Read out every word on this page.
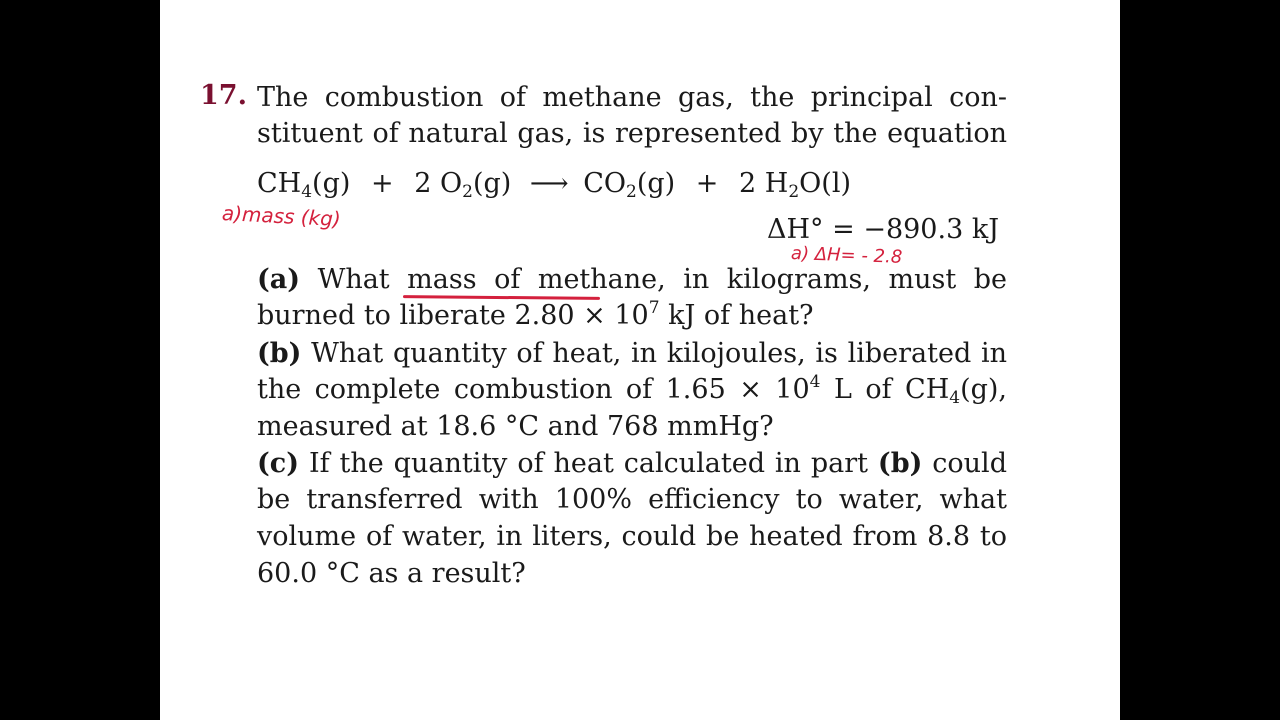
17. The combustion of methane gas, the principal con-
stituent of natural gas, is represented by the equation
$CH_4(g) + 2$ $O_2(g)$ ⟶ $CO_2(g) + 2$ $H_2O(l)$
ΔH° = −890.3 kJ
(a) What mass of methane, in kilograms, must be
burned to liberate $2.80 \times 10^7$ kJ of heat?
(b) What quantity of heat, in kilojoules, is liberated in
the complete combustion of $1.65 \times 10^4$ L of $CH_4(g)$,
measured at 18.6 °C and 768 mmHg?
(c) If the quantity of heat calculated in part (b) could
be transferred with 100% efficiency to water, what
volume of water, in liters, could be heated from 8.8 to
60.0 °C as a result?
a)mass (kg)
a) ΔH= - 2.8
